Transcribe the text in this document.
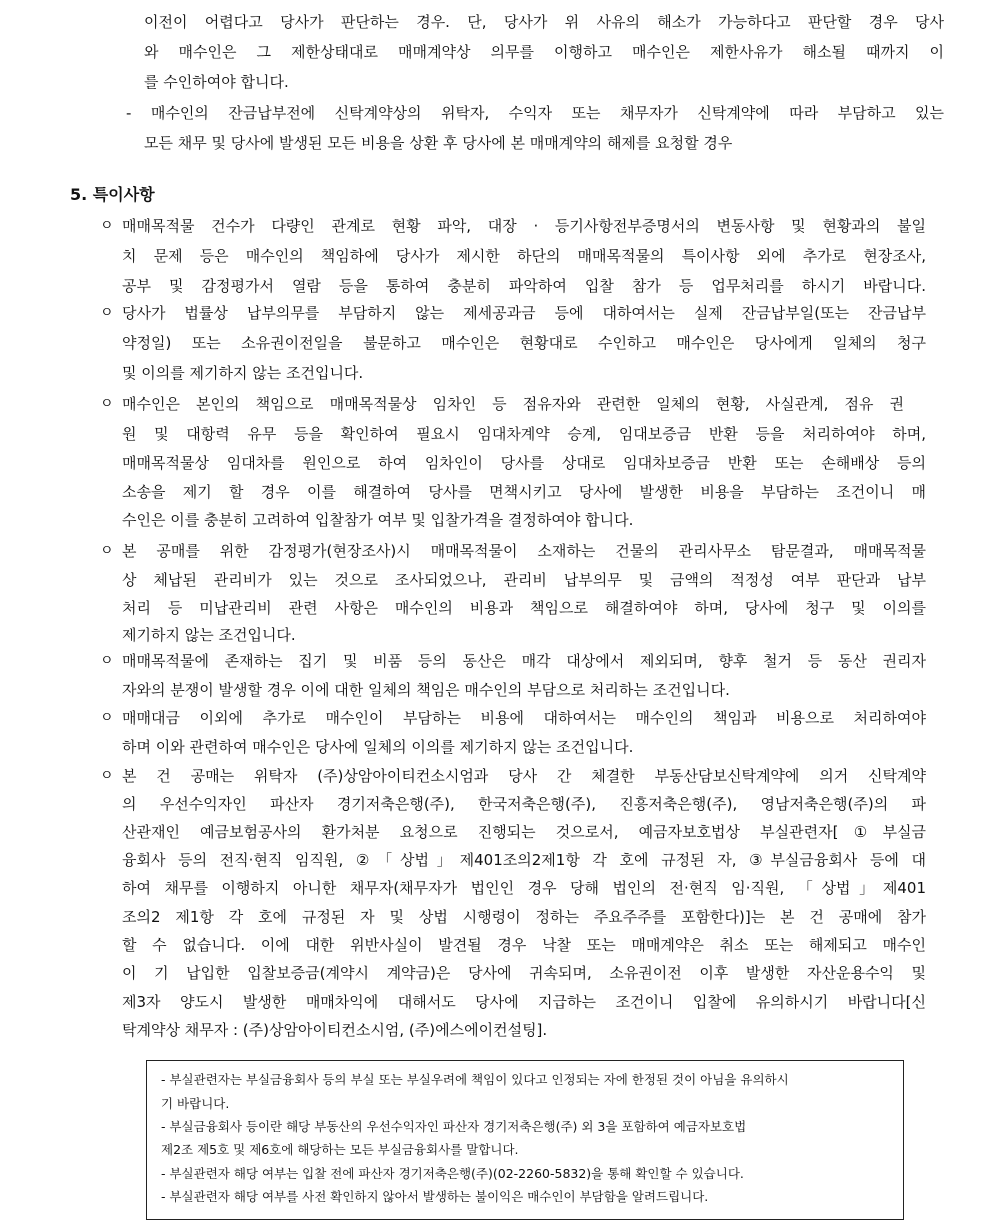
이전이 어렵다고 당사가 판단하는 경우. 단, 당사가 위 사유의 해소가 가능하다고 판단할 경우 당사
와 매수인은 그 제한상태대로 매매계약상 의무를 이행하고 매수인은 제한사유가 해소될 때까지 이
를 수인하여야 합니다.
- 매수인의 잔금납부전에 신탁계약상의 위탁자, 수익자 또는 채무자가 신탁계약에 따라 부담하고 있는
모든 채무 및 당사에 발생된 모든 비용을 상환 후 당사에 본 매매계약의 해제를 요청할 경우
5. 특이사항
ㅇ 매매목적물 건수가 다량인 관계로 현황 파악, 대장 · 등기사항전부증명서의 변동사항 및 현황과의 불일
치 문제 등은 매수인의 책임하에 당사가 제시한 하단의 매매목적물의 특이사항 외에 추가로 현장조사,
공부 및 감정평가서 열람 등을 통하여 충분히 파악하여 입찰 참가 등 업무처리를 하시기 바랍니다.
ㅇ 당사가 법률상 납부의무를 부담하지 않는 제세공과금 등에 대하여서는 실제 잔금납부일(또는 잔금납부
약정일) 또는 소유권이전일을 불문하고 매수인은 현황대로 수인하고 매수인은 당사에게 일체의 청구
및 이의를 제기하지 않는 조건입니다.
ㅇ 매수인은 본인의 책임으로 매매목적물상 임차인 등 점유자와 관련한 일체의 현황, 사실관계, 점유 권
원 및 대항력 유무 등을 확인하여 필요시 임대차계약 승계, 임대보증금 반환 등을 처리하여야 하며,
매매목적물상 임대차를 원인으로 하여 임차인이 당사를 상대로 임대차보증금 반환 또는 손해배상 등의
소송을 제기 할 경우 이를 해결하여 당사를 면책시키고 당사에 발생한 비용을 부담하는 조건이니 매
수인은 이를 충분히 고려하여 입찰참가 여부 및 입찰가격을 결정하여야 합니다.
ㅇ 본 공매를 위한 감정평가(현장조사)시 매매목적물이 소재하는 건물의 관리사무소 탐문결과, 매매목적물
상 체납된 관리비가 있는 것으로 조사되었으나, 관리비 납부의무 및 금액의 적정성 여부 판단과 납부
처리 등 미납관리비 관련 사항은 매수인의 비용과 책임으로 해결하여야 하며, 당사에 청구 및 이의를
제기하지 않는 조건입니다.
ㅇ 매매목적물에 존재하는 집기 및 비품 등의 동산은 매각 대상에서 제외되며, 향후 철거 등 동산 권리자
자와의 분쟁이 발생할 경우 이에 대한 일체의 책임은 매수인의 부담으로 처리하는 조건입니다.
ㅇ 매매대금 이외에 추가로 매수인이 부담하는 비용에 대하여서는 매수인의 책임과 비용으로 처리하여야
하며 이와 관련하여 매수인은 당사에 일체의 이의를 제기하지 않는 조건입니다.
ㅇ 본 건 공매는 위탁자 (주)상암아이티컨소시엄과 당사 간 체결한 부동산담보신탁계약에 의거 신탁계약
의 우선수익자인 파산자 경기저축은행(주), 한국저축은행(주), 진흥저축은행(주), 영남저축은행(주)의 파
산관재인 예금보험공사의 환가처분 요청으로 진행되는 것으로서, 예금자보호법상 부실관련자[①부실금
융회사 등의 전직·현직 임직원, ②「상법」제401조의2제1항 각 호에 규정된 자, ③부실금융회사 등에 대
하여 채무를 이행하지 아니한 채무자(채무자가 법인인 경우 당해 법인의 전·현직 임·직원, 「상법」제401
조의2 제1항 각 호에 규정된 자 및 상법 시행령이 정하는 주요주주를 포함한다)]는 본 건 공매에 참가
할 수 없습니다. 이에 대한 위반사실이 발견될 경우 낙찰 또는 매매계약은 취소 또는 해제되고 매수인
이 기 납입한 입찰보증금(계약시 계약금)은 당사에 귀속되며, 소유권이전 이후 발생한 자산운용수익 및
제3자 양도시 발생한 매매차익에 대해서도 당사에 지급하는 조건이니 입찰에 유의하시기 바랍니다[신
탁계약상 채무자 : (주)상암아이티컨소시엄, (주)에스에이컨설팅].
- 부실관련자는 부실금융회사 등의 부실 또는 부실우려에 책임이 있다고 인정되는 자에 한정된 것이 아님을 유의하시
기 바랍니다.
- 부실금융회사 등이란 해당 부동산의 우선수익자인 파산자 경기저축은행(주) 외 3을 포함하여 예금자보호법
제2조 제5호 및 제6호에 해당하는 모든 부실금융회사를 말합니다.
- 부실관련자 해당 여부는 입찰 전에 파산자 경기저축은행(주)(02-2260-5832)을 통해 확인할 수 있습니다.
- 부실관련자 해당 여부를 사전 확인하지 않아서 발생하는 불이익은 매수인이 부담함을 알려드립니다.
